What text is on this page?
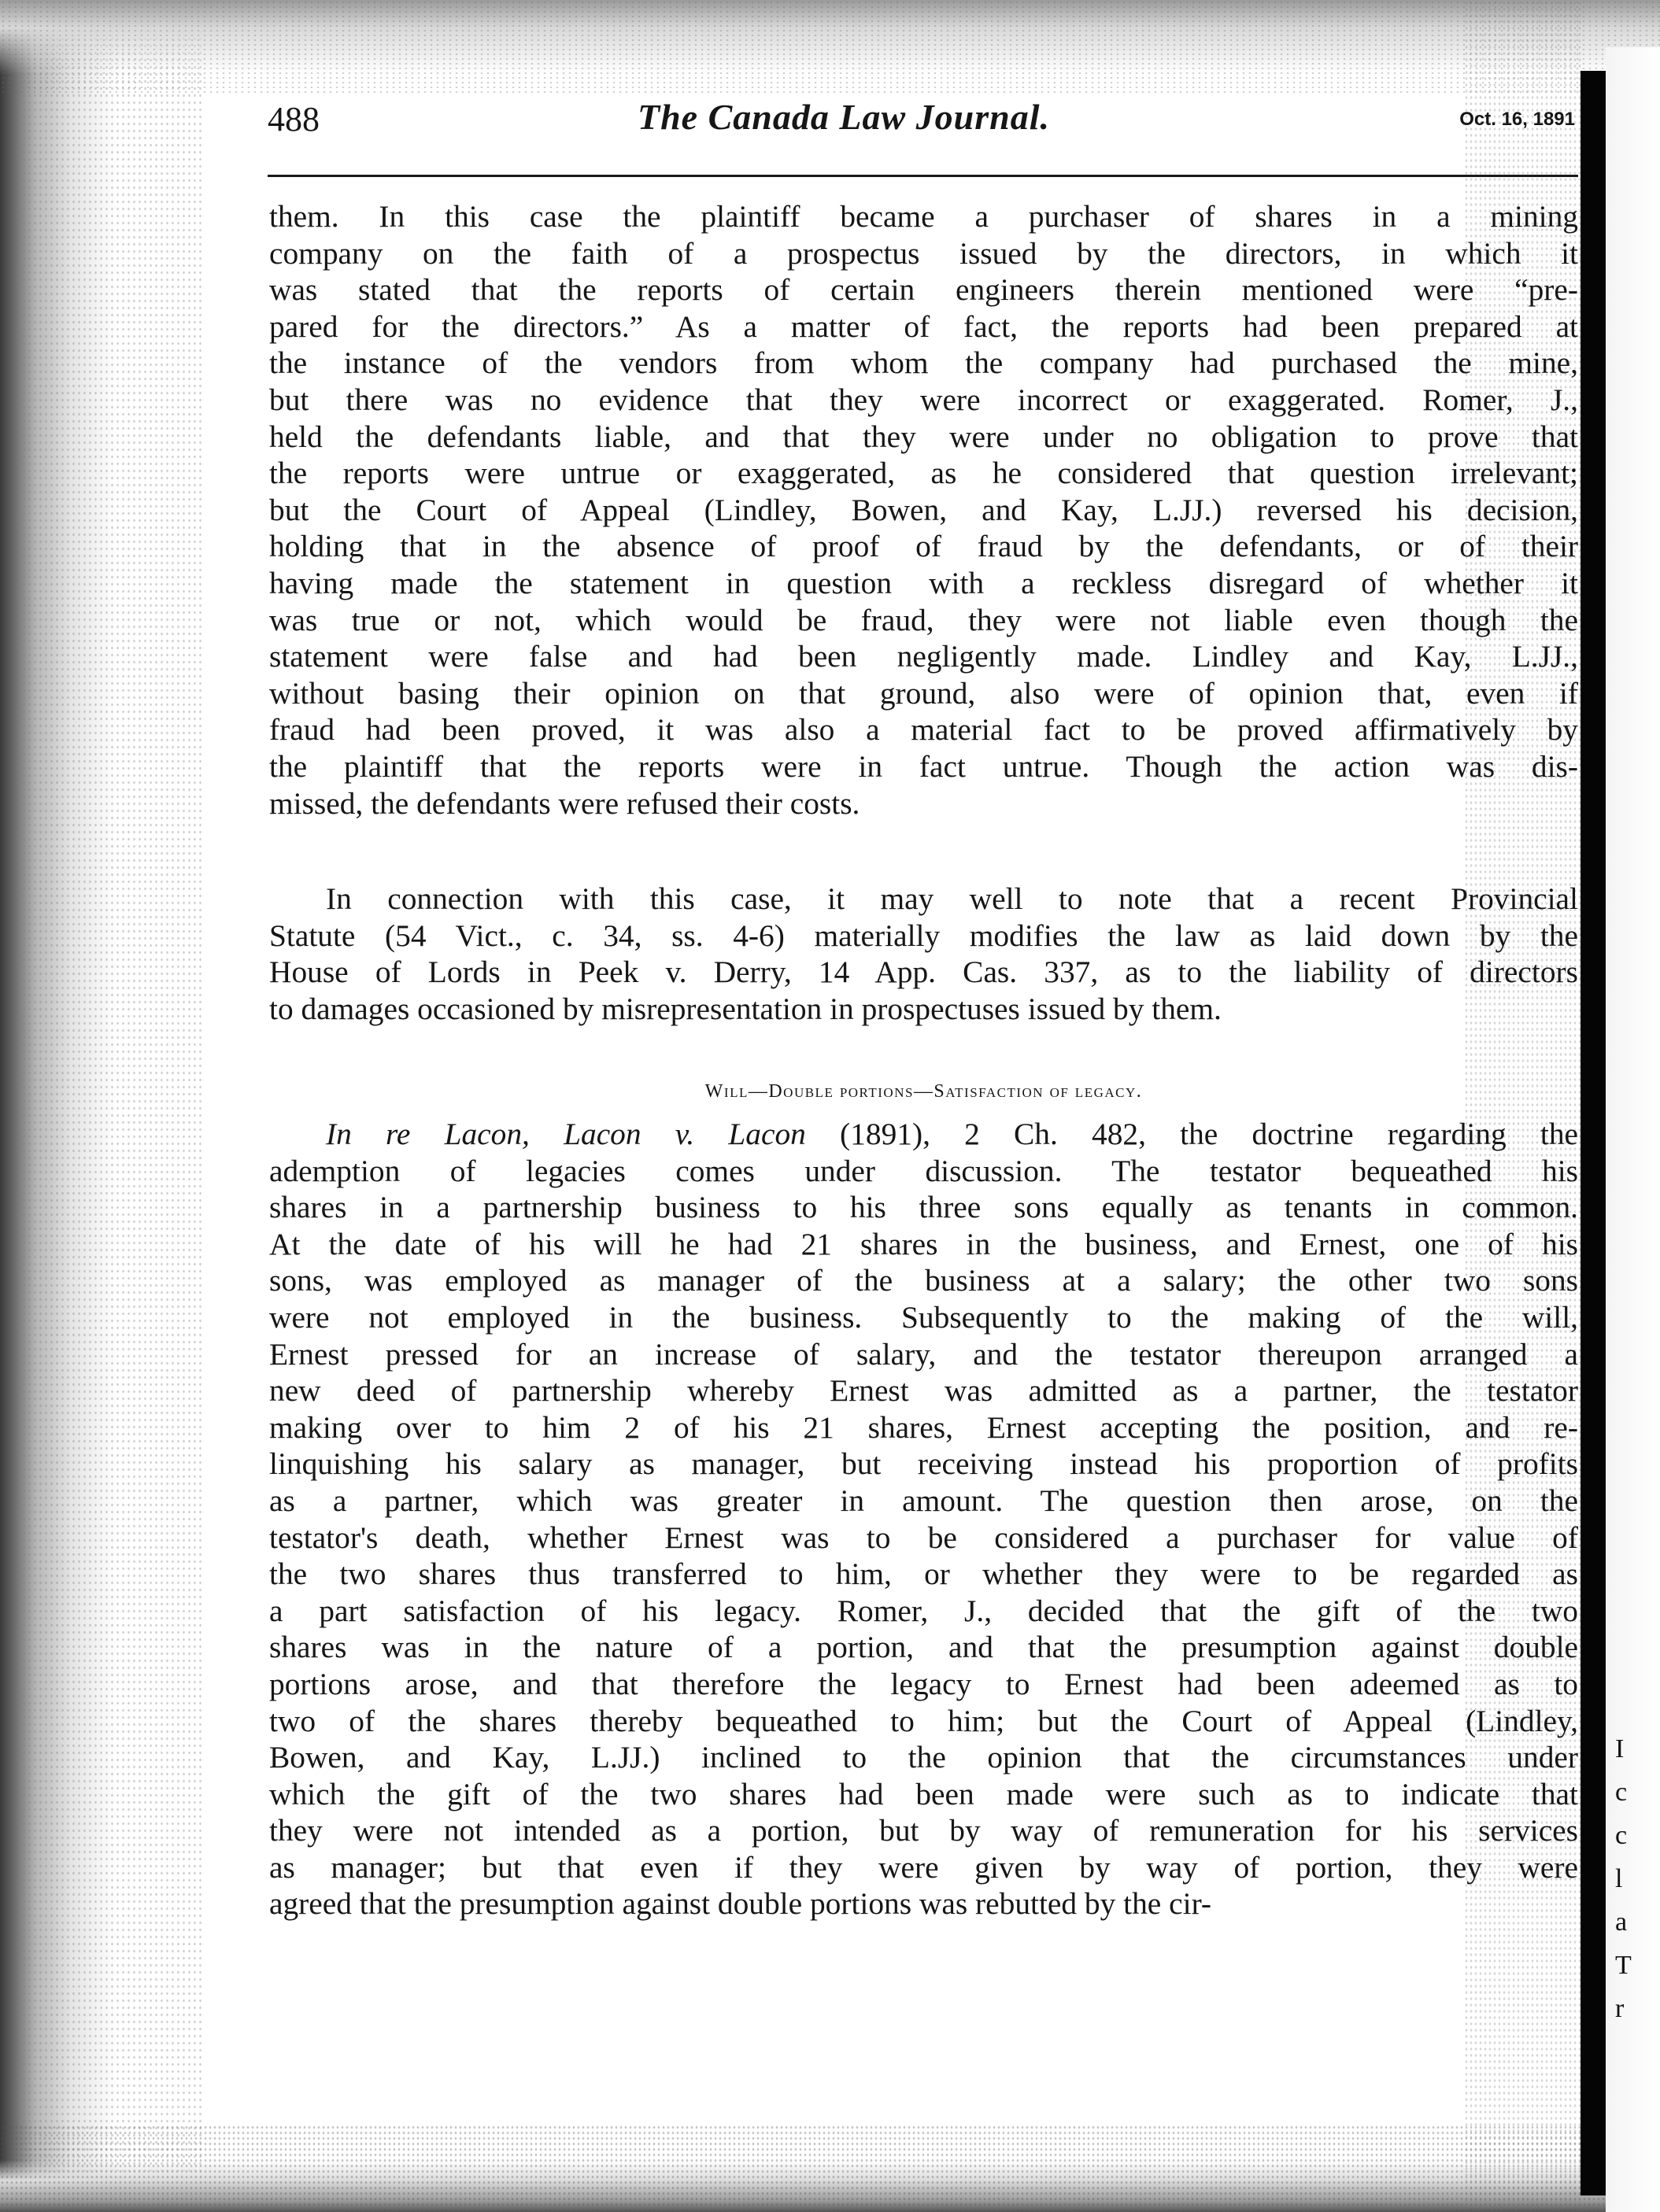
I
c
c
l
a
T
r
488	The Canada Law Journal.	Oct. 16, 1891
them. In this case the plaintiff became a purchaser of shares in a mining
company on the faith of a prospectus issued by the directors, in which it
was stated that the reports of certain engineers therein mentioned were “pre-
pared for the directors.” As a matter of fact, the reports had been prepared at
the instance of the vendors from whom the company had purchased the mine,
but there was no evidence that they were incorrect or exaggerated. Romer, J.,
held the defendants liable, and that they were under no obligation to prove that
the reports were untrue or exaggerated, as he considered that question irrelevant;
but the Court of Appeal (Lindley, Bowen, and Kay, L.JJ.) reversed his decision,
holding that in the absence of proof of fraud by the defendants, or of their
having made the statement in question with a reckless disregard of whether it
was true or not, which would be fraud, they were not liable even though the
statement were false and had been negligently made. Lindley and Kay, L.JJ.,
without basing their opinion on that ground, also were of opinion that, even if
fraud had been proved, it was also a material fact to be proved affirmatively by
the plaintiff that the reports were in fact untrue. Though the action was dis-
missed, the defendants were refused their costs.
In connection with this case, it may well to note that a recent Provincial
Statute (54 Vict., c. 34, ss. 4-6) materially modifies the law as laid down by the
House of Lords in Peek v. Derry, 14 App. Cas. 337, as to the liability of directors
to damages occasioned by misrepresentation in prospectuses issued by them.
Will—Double portions—Satisfaction of legacy.
In re Lacon, Lacon v. Lacon (1891), 2 Ch. 482, the doctrine regarding the
ademption of legacies comes under discussion. The testator bequeathed his
shares in a partnership business to his three sons equally as tenants in common.
At the date of his will he had 21 shares in the business, and Ernest, one of his
sons, was employed as manager of the business at a salary; the other two sons
were not employed in the business. Subsequently to the making of the will,
Ernest pressed for an increase of salary, and the testator thereupon arranged a
new deed of partnership whereby Ernest was admitted as a partner, the testator
making over to him 2 of his 21 shares, Ernest accepting the position, and re-
linquishing his salary as manager, but receiving instead his proportion of profits
as a partner, which was greater in amount. The question then arose, on the
testator's death, whether Ernest was to be considered a purchaser for value of
the two shares thus transferred to him, or whether they were to be regarded as
a part satisfaction of his legacy. Romer, J., decided that the gift of the two
shares was in the nature of a portion, and that the presumption against double
portions arose, and that therefore the legacy to Ernest had been adeemed as to
two of the shares thereby bequeathed to him; but the Court of Appeal (Lindley,
Bowen, and Kay, L.JJ.) inclined to the opinion that the circumstances under
which the gift of the two shares had been made were such as to indicate that
they were not intended as a portion, but by way of remuneration for his services
as manager; but that even if they were given by way of portion, they were
agreed that the presumption against double portions was rebutted by the cir-
